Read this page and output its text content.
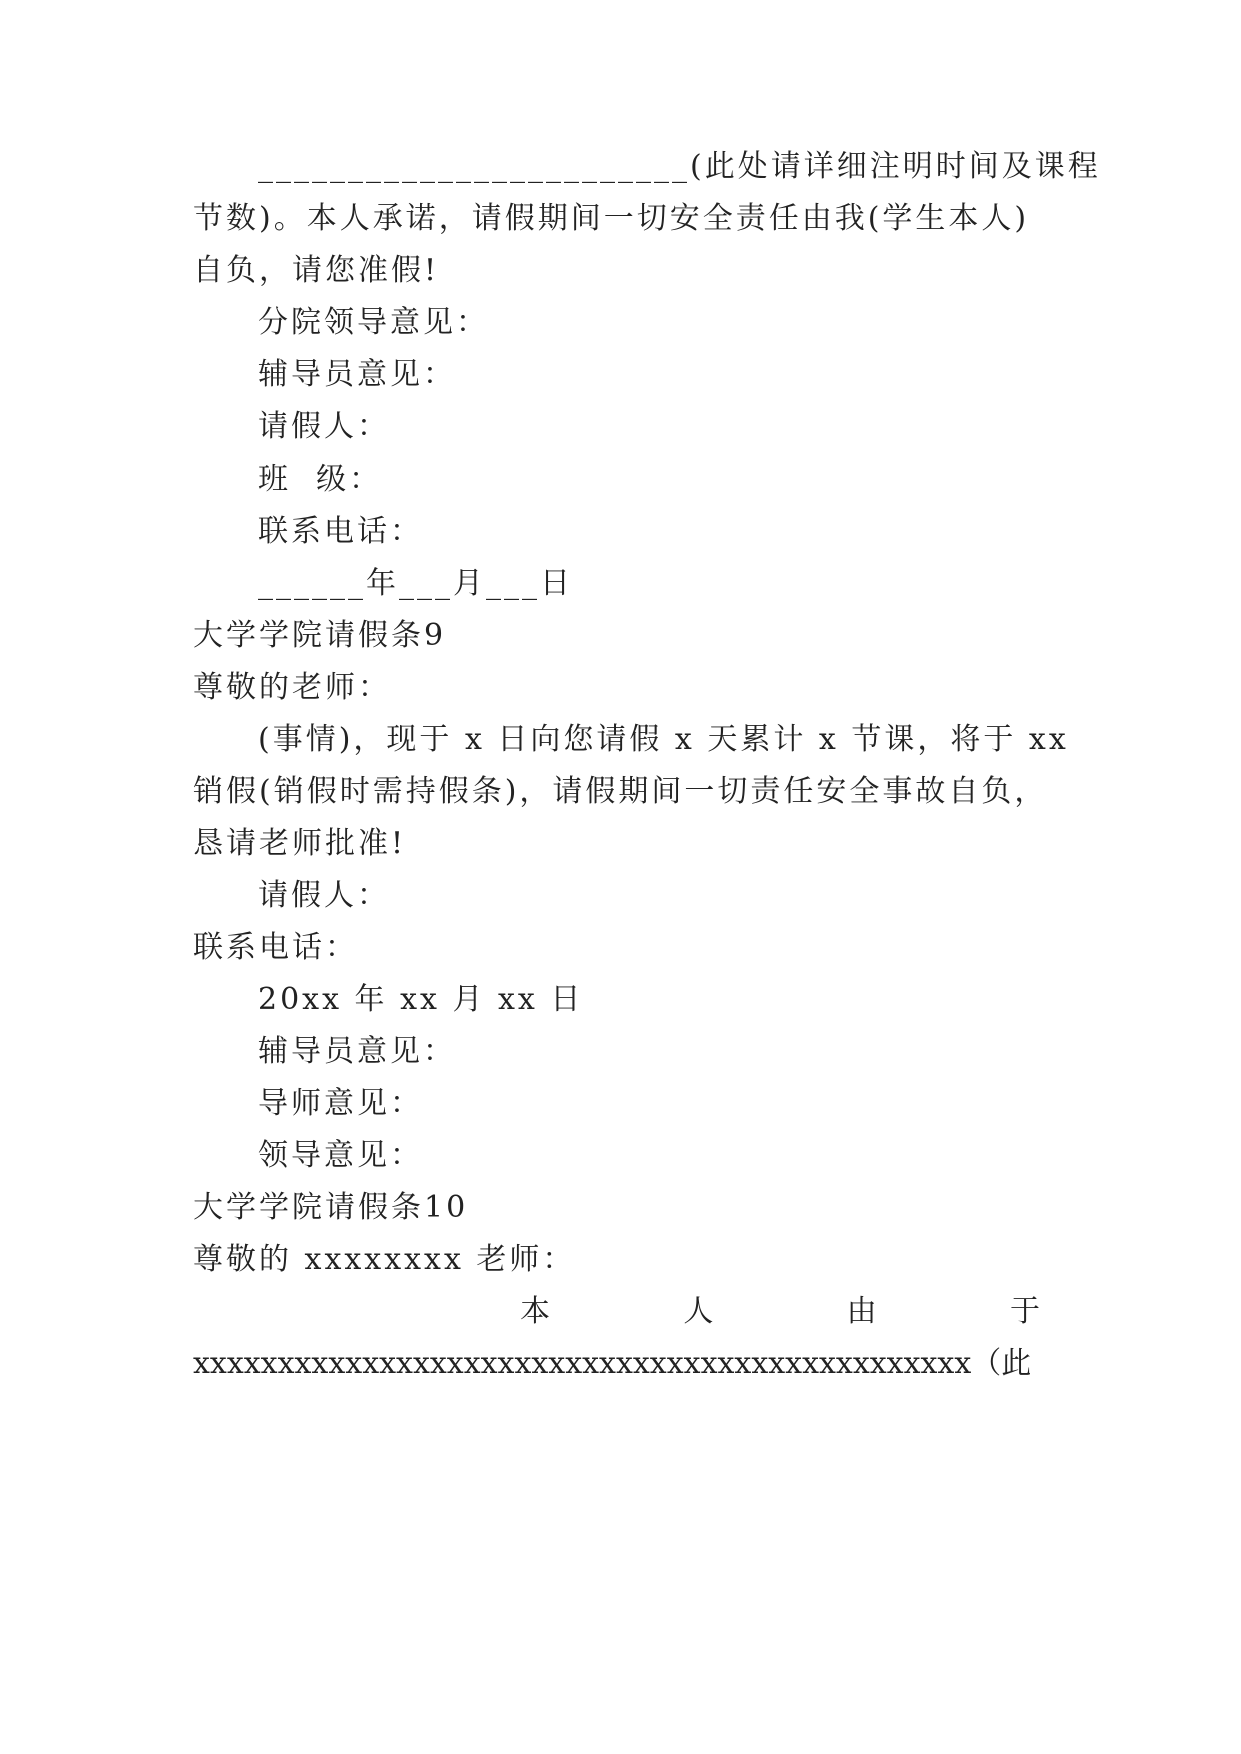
________________________(此处请详细注明时间及课程
节数)。本人承诺，请假期间一切安全责任由我(学生本人)
自负，请您准假!
分院领导意见：
辅导员意见：
请假人：
班  级：
联系电话：
______年___月___日
大学学院请假条9
尊敬的老师：
(事情)，现于 x 日向您请假 x 天累计 x 节课，将于 xx
销假(销假时需持假条)，请假期间一切责任安全事故自负，
恳请老师批准!
请假人：
联系电话：
20xx 年 xx 月 xx 日
辅导员意见：
导师意见：
领导意见：
大学学院请假条10
尊敬的 xxxxxxxx 老师：
本	人	由	于
xxxxxxxxxxxxxxxxxxxxxxxxxxxxxxxxxxxxxxxxxxxxxx（此
